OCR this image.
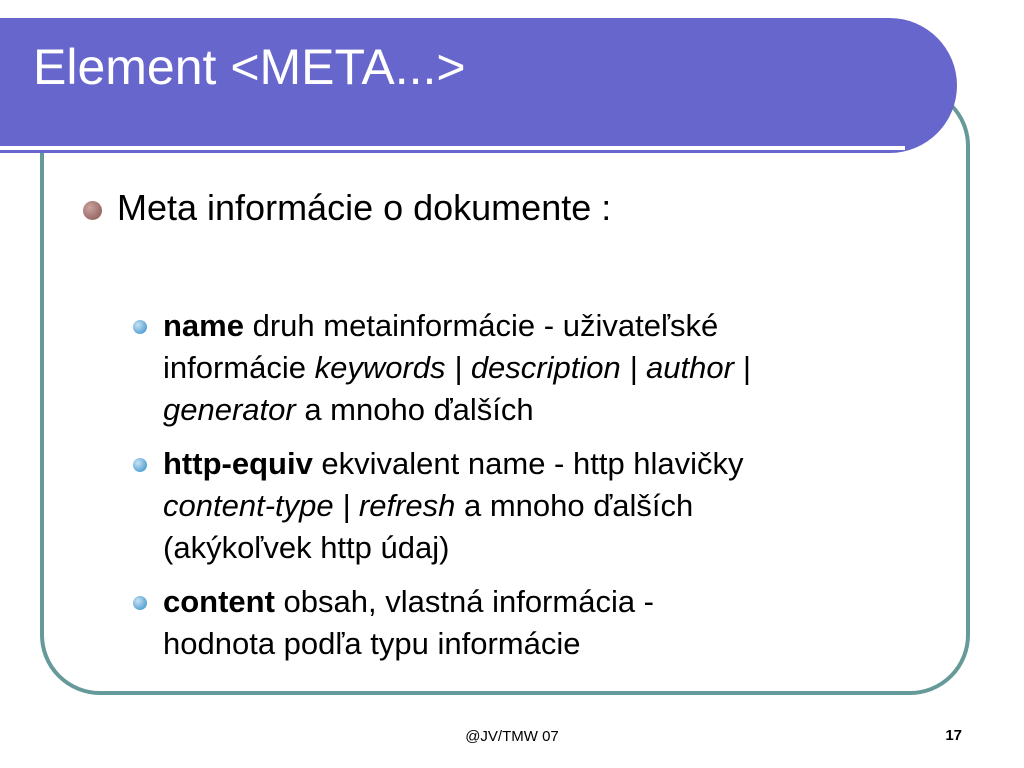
Element <META...>
Meta informácie o dokumente :
name druh metainformácie - uživateľské
informácie keywords | description | author |
generator a mnoho ďalších
http-equiv ekvivalent name - http hlavičky
content-type | refresh a mnoho ďalších
(akýkoľvek http údaj)
content obsah, vlastná informácia -
hodnota podľa typu informácie
@JV/TMW 07	17
